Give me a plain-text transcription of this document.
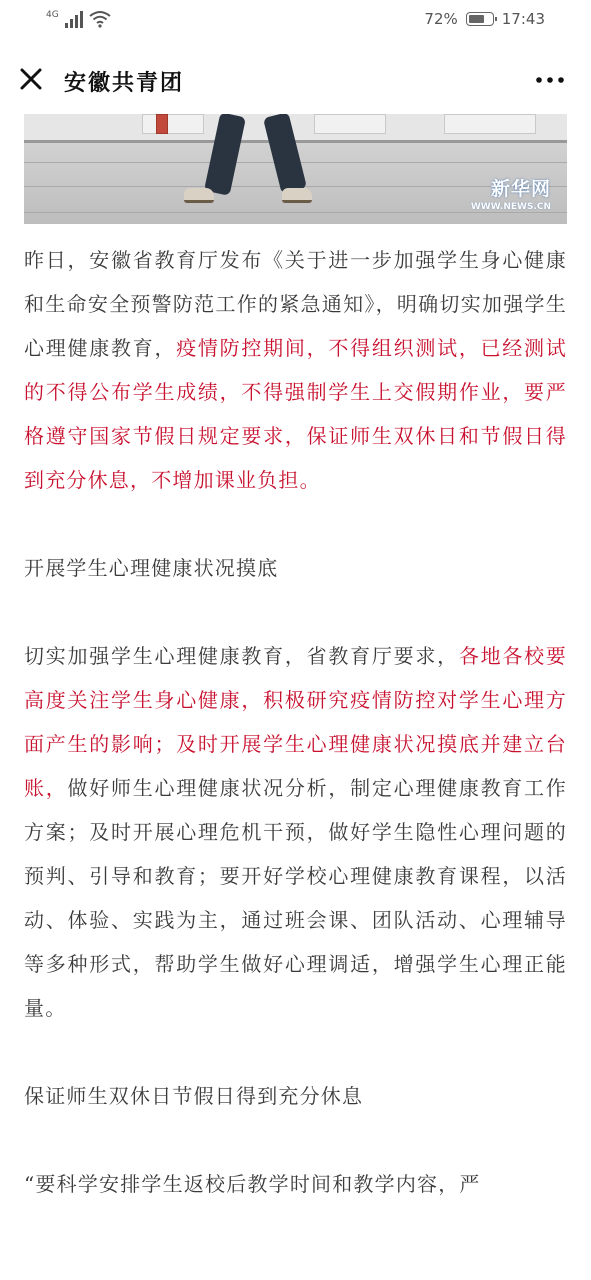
4G	72%	17:43
安徽共青团
新华网
WWW.NEWS.CN

昨日，安徽省教育厅发布《关于进一步加强学生身心健康和生命安全预警防范工作的紧急通知》，明确切实加强学生心理健康教育，疫情防控期间，不得组织测试，已经测试的不得公布学生成绩，不得强制学生上交假期作业，要严格遵守国家节假日规定要求，保证师生双休日和节假日得到充分休息，不增加课业负担。

开展学生心理健康状况摸底

切实加强学生心理健康教育，省教育厅要求，各地各校要高度关注学生身心健康，积极研究疫情防控对学生心理方面产生的影响；及时开展学生心理健康状况摸底并建立台账，做好师生心理健康状况分析，制定心理健康教育工作方案；及时开展心理危机干预，做好学生隐性心理问题的预判、引导和教育；要开好学校心理健康教育课程，以活动、体验、实践为主，通过班会课、团队活动、心理辅导等多种形式，帮助学生做好心理调适，增强学生心理正能量。

保证师生双休日节假日得到充分休息

“要科学安排学生返校后教学时间和教学内容，严
